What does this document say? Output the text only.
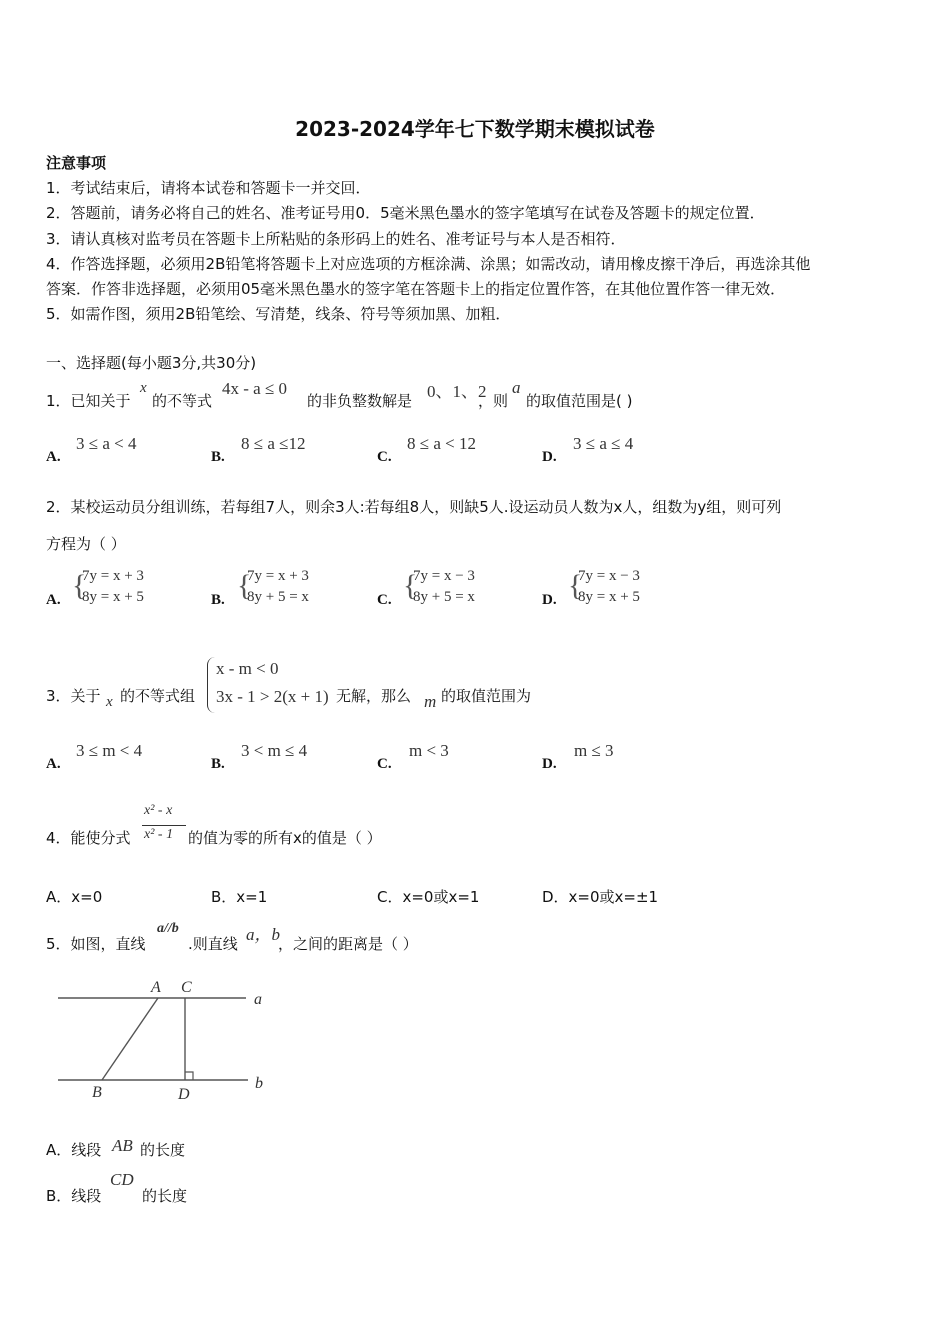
2023-2024学年七下数学期末模拟试卷
注意事项
1．考试结束后，请将本试卷和答题卡一并交回．
2．答题前，请务必将自己的姓名、准考证号用0．5毫米黑色墨水的签字笔填写在试卷及答题卡的规定位置．
3．请认真核对监考员在答题卡上所粘贴的条形码上的姓名、准考证号与本人是否相符．
4．作答选择题，必须用2B铅笔将答题卡上对应选项的方框涂满、涂黑；如需改动，请用橡皮擦干净后，再选涂其他
答案．作答非选择题，必须用05毫米黑色墨水的签字笔在答题卡上的指定位置作答，在其他位置作答一律无效．
5．如需作图，须用2B铅笔绘、写清楚，线条、符号等须加黑、加粗．
一、选择题(每小题3分,共30分)
1．已知关于
x
的不等式
4x - a ≤ 0
的非负整数解是 0、1、2
，则
a
的取值范围是( )
A.
3 ≤ a < 4
B.
8 ≤ a ≤12
C.
8 ≤ a < 12
D.
3 ≤ a ≤ 4
2．某校运动员分组训练，若每组7人，则余3人:若每组8人，则缺5人.设运动员人数为x人，组数为y组，则可列
方程为（ ）
A. {
7y = x + 3
8y = x + 5	B. {
7y = x + 3
8y + 5 = x	C. {
7y = x − 3
8y + 5 = x	D. {
7y = x − 3
8y = x + 5
3．关于 x 的不等式组
x - m < 0
3x - 1 > 2(x + 1) 无解，那么 m 的取值范围为
A.
3 ≤ m < 4
B.
3 < m ≤ 4
C.
m < 3
D.
m ≤ 3
4．能使分式
x² - x
x² - 1 的值为零的所有x的值是（ ）
A．x=0	B．x=1	C．x=0或x=1	D．x=0或x=±1
5．如图，直线
a//b
.则直线 a，b
，之间的距离是（ ）
A C
B	D
a
b
A．线段 AB 的长度
B．线段
CD
的长度
